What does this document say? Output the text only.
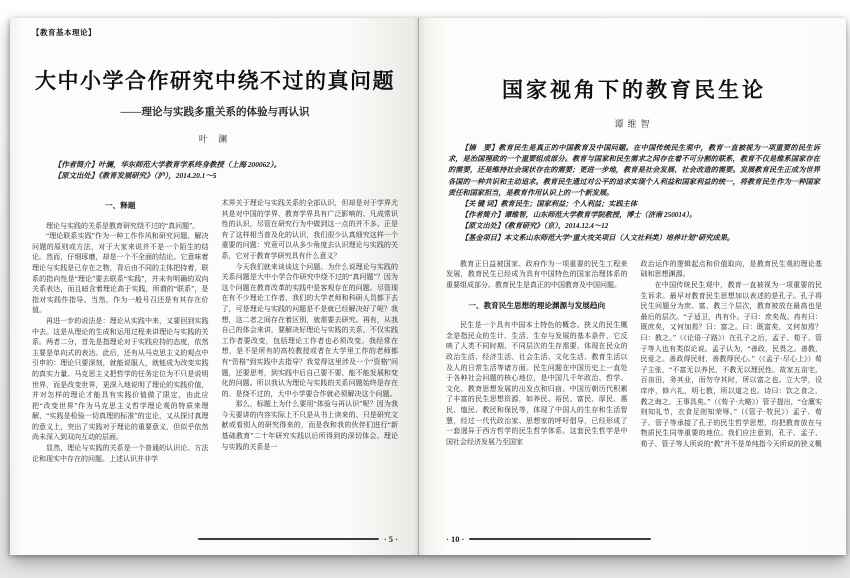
【教育基本理论】
大中小学合作研究中绕不过的真问题
——理论与实践多重关系的体验与再认识
叶 澜

【作者简介】叶澜，华东师范大学教育学系终身教授（上海 200062）。

【原文出处】《教育发展研究》（沪），2014.20.1～5

一、释题

理论与实践的关系是教育研究绕不过的“真问题”。

“理论联系实践”作为一种工作作风和研究问题、解决问题的原则或方法，对于大家来说并不是一个陌生的结论。然而，仔细琢磨，却是一个不全面的结论。它意味着理论与实践是已存在之物，背后由不同的主体把持着，联系的指向性是“理论”要去联系“实践”，并未有明确的双向关系表达，而且暗含着理论高于实践，所谓的“联系”，是指对实践作指导。当然，作为一般号召还是有其存在价值。

再进一步的说法是：理论从实践中来，又要回到实践中去。这是从理论的生成和运用过程来讲理论与实践的关系。两者二分，首先是指理论对于实践应持的态度，依然主要是单向式的表达。此后，还有从马克思主义的观点中引申的：理论只要深刻，就能说服人，就能成为改变实践的真实力量。马克思主义把哲学的任务定位为不只是说明世界，而是改变世界，更深入地说明了理论的实践价值，并对怎样的理论才能具有实践价值做了限定，由此应把“改变世界”作为马克思主义哲学理论观的特质来理解，“实践是检验一切真理的标准”的定论，又从探讨真理的意义上，突出了实践对于理论的重要意义，但似乎依然尚未深入到双向互动的层面。

显然，理论与实践的关系是一个普通的认识论、方法论和现实中存在的问题。上述认识并非学

术界关于理论与实践关系的全部认识，但却是对于学界尤其是对中国的学界、教育学界具有广泛影响的、凡成常识性的认识，尽管在研究行为中做到这一点的并不多。正是有了这样相当普及化的认识，我们很少认真细究这样一个重要的问题：究竟可以从多少角度去认识理论与实践的关系，它对于教育学研究具有什么意义？

今天我们就来谈谈这个问题。为什么说理论与实践的关系问题是大中小学合作研究中绕不过的“真问题”？因为这个问题在教育改革的实践中是客观存在的问题。尽管现在有不少理论工作者、我们的大学老师和科研人员都下去了，可是理论与实践的问题是不是就已经解决好了呢？我想，这二者之间存在着区别，就需要去研究。再有，从我自己的体会来讲，要解决好理论与实践的关系，不仅实践工作者要改变，包括理论工作者也必须改变。我经常在想，是不是所有的高校教授或者在大学里工作的老师都有“资格”到实践中去指导？我觉得这里涉及一个“资格”问题，还要思考，到实践中后自己要不要、能不能发展和变化的问题。所以我认为理论与实践的关系问题始终是存在的、是绕不过的，大中小学要合作就必须解决这个问题。

那么，标题上为什么要用“体验与再认识”呢？因为我今天要讲的内容实际上不只是从书上读来的、只是研究文献或看别人的研究得来的，而是我和我的伙伴们进行“新基础教育”二十年研究实践以后所得到的深切体会。理论与实践的关系是一

· 5 ·
国家视角下的教育民生论
谭维智

【摘　要】教育民生是真正的中国教育及中国问题。在中国传统民生观中，教育一直被视为一项重要的民生诉求，是治国理政的一个重要组成部分。教育与国家和民生需求之间存在着不可分割的联系，教育不仅是维系国家存在的需要，还是维持社会现状存在的需要；更进一步地，教育是社会发展、社会改造的需要。发展教育民生正成为世界各国的一种共识和主动追求。教育民生通过对公平的追求实现个人利益和国家利益的统一，将教育民生作为一种国家责任和国家担当，是教育作用认识上的一个新发展。

【关 键 词】教育民生；国家利益；个人利益；实践主体

【作者简介】谭维智，山东师范大学教育学院教授，博士（济南 250014）。

【原文出处】《教育研究》（京），2014.12.4～12

【基金项目】本文系山东师范大学“重大攻关项目（人文社科类）培养计划”研究成果。

教育正日益被国家、政府作为一项重要的民生工程来发展，教育民生已经成为具有中国特色的国家治理体系的重要组成部分。教育民生是真正的中国教育及中国问题。

一、教育民生思想的理论渊源与发展趋向

民生是一个具有中国本土特色的概念。狭义的民生概念是指民众的生计、生活、生存与发展的基本条件，它反映了人类不同时期、不同层次的生存需要，体现在民众的政治生活、经济生活、社会生活、文化生活、教育生活以及人的日常生活等诸方面。民生问题在中国历史上一直处于各种社会问题的核心地位，是中国几千年政治、哲学、文化、教育思想发展的出发点和归宿。中国历朝历代积累了丰富的民生思想资源，如养民、裕民、富民、厚民、惠民、恤民、教民和保民等，体现了中国人的生存和生活智慧，经过一代代政治家、思想家的呼吁倡导，已经形成了一套迥异于西方哲学的民生哲学体系。这套民生哲学是中国社会经济发展乃至国家

政治运作的逻辑起点和价值取向，是教育民生观的理论基础和思想渊源。

在中国传统民生观中，教育一直被视为一项重要的民生诉求。最早对教育民生思想加以表述的是孔子。孔子将民生问题分为庶、富、教三个层次，教育被放在最高也是最后的层次。“子适卫，冉有仆。子曰：庶矣哉。冉有曰：既庶矣，又何加焉？曰：富之。曰：既富矣，又何加焉？曰：教之。”（《论语·子路》）在孔子之后，孟子、荀子、管子等人也有类似论说。孟子认为，“善政，民畏之。善教，民爱之。善政得民财，善教得民心。”（《孟子·尽心上》）荀子主张，“不富无以养民，不教无以理民性。故家五亩宅，百亩田，务其业，而勿夺其时，所以富之也。立大学，设庠序，修六礼，明七教，所以道之也。诗曰：饮之食之，教之诲之，王事具矣。”（《荀子·大略》）管子提出，“仓廪实则知礼节，衣食足则知荣辱。”（《管子·牧民》）孟子、荀子、管子等承接了孔子的民生哲学思想，均把教育放在与物质民生同等重要的地位。我们应注意到，孔子、孟子、荀子、管子等人所说的“教”并不是单纯指今天所说的狭义概

· 10 ·
